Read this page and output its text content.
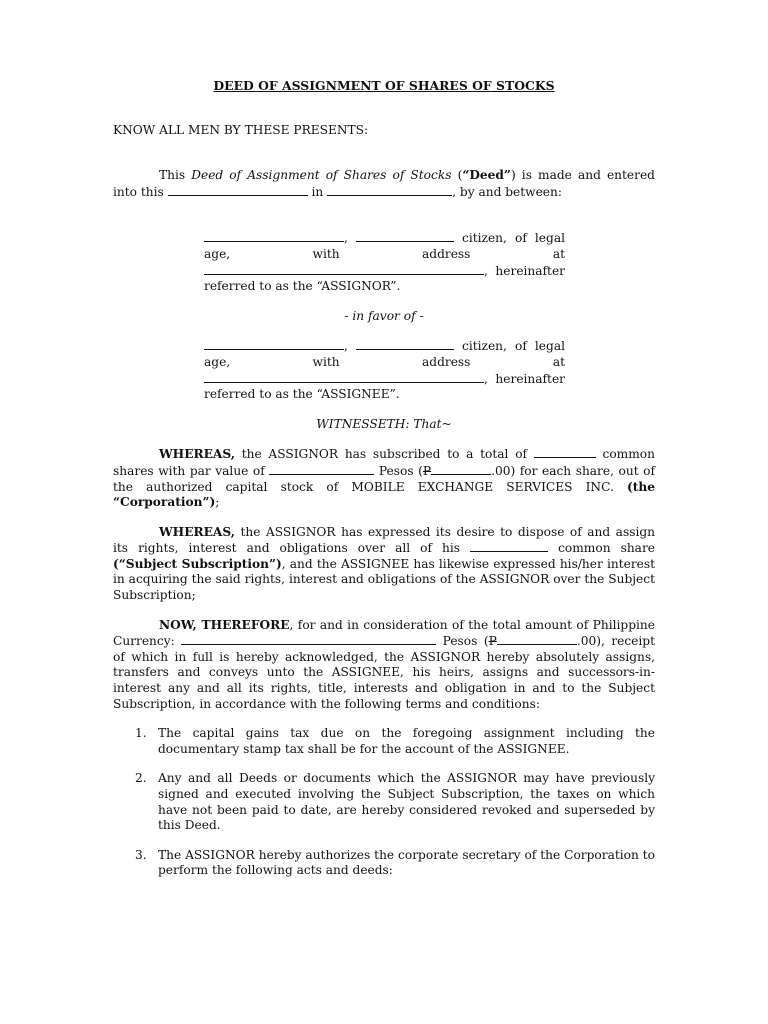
DEED OF ASSIGNMENT OF SHARES OF STOCKS

KNOW ALL MEN BY THESE PRESENTS:

This Deed of Assignment of Shares of Stocks (“Deed”) is made and entered into this	in	, by and between:

,	citizen, of legal age, with address at , hereinafter referred to as the “ASSIGNOR”.

- in favor of -

,	citizen, of legal age, with address at , hereinafter referred to as the “ASSIGNEE”.

WITNESSETH: That~

WHEREAS, the ASSIGNOR has subscribed to a total of	common shares with par value of	Pesos (P	.00) for each share, out of the authorized capital stock of MOBILE EXCHANGE SERVICES INC. (the “Corporation”);

WHEREAS, the ASSIGNOR has expressed its desire to dispose of and assign its rights, interest and obligations over all of his	common share (“Subject Subscription”), and the ASSIGNEE has likewise expressed his/her interest in acquiring the said rights, interest and obligations of the ASSIGNOR over the Subject Subscription;

NOW, THEREFORE, for and in consideration of the total amount of Philippine Currency:	Pesos (P	.00), receipt of which in full is hereby acknowledged, the ASSIGNOR hereby absolutely assigns, transfers and conveys unto the ASSIGNEE, his heirs, assigns and successors-in-interest any and all its rights, title, interests and obligation in and to the Subject Subscription, in accordance with the following terms and conditions:

1. The capital gains tax due on the foregoing assignment including the documentary stamp tax shall be for the account of the ASSIGNEE.
2. Any and all Deeds or documents which the ASSIGNOR may have previously signed and executed involving the Subject Subscription, the taxes on which have not been paid to date, are hereby considered revoked and superseded by this Deed.
3. The ASSIGNOR hereby authorizes the corporate secretary of the Corporation to perform the following acts and deeds:
